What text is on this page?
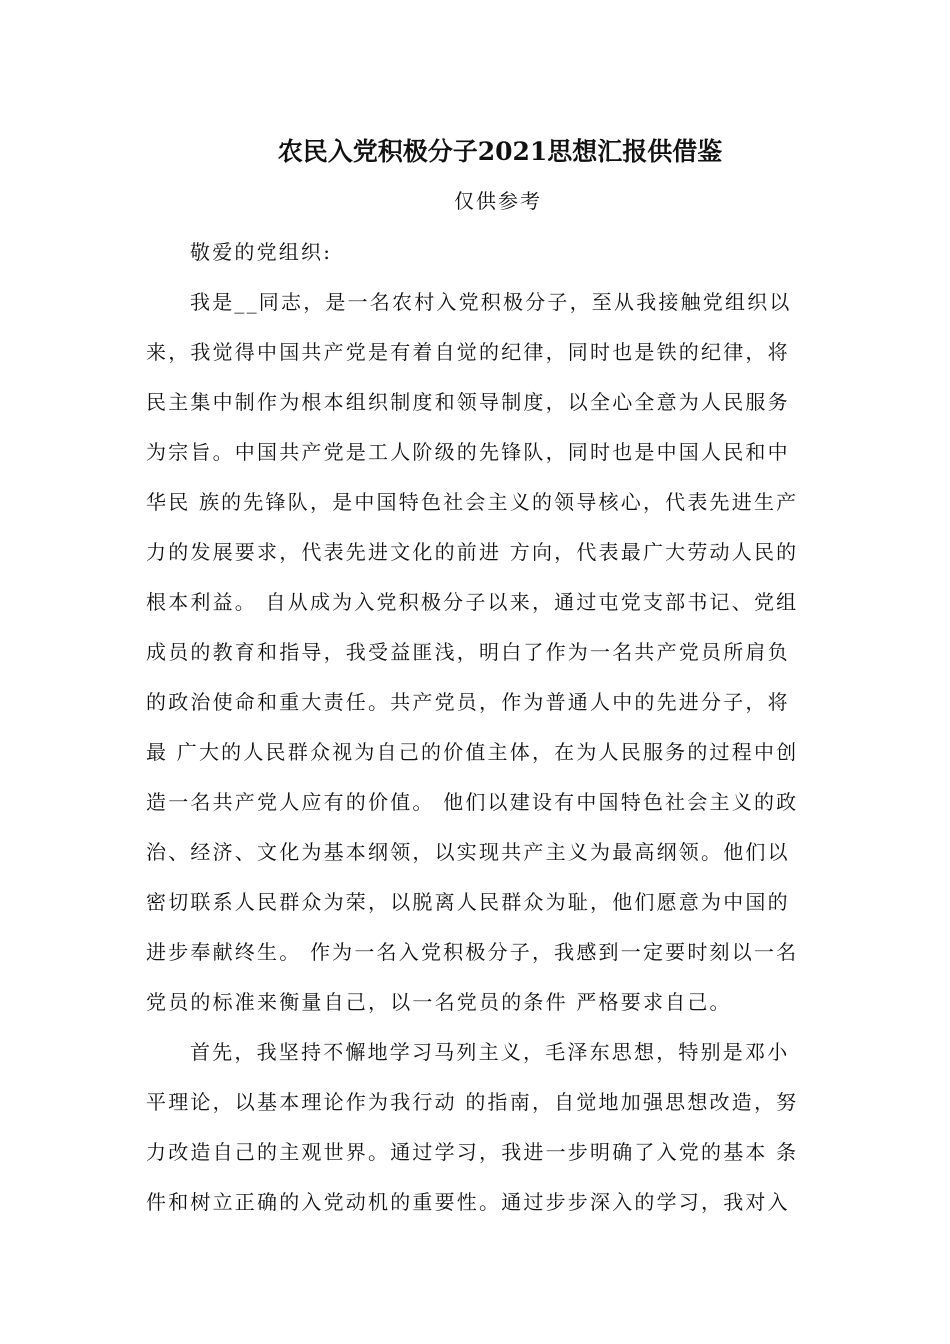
农民入党积极分子2021思想汇报供借鉴
仅供参考
敬爱的党组织:
我是__同志，是一名农村入党积极分子，至从我接触党组织以
来，我觉得中国共产党是有着自觉的纪律，同时也是铁的纪律，将
民主集中制作为根本组织制度和领导制度，以全心全意为人民服务
为宗旨。中国共产党是工人阶级的先锋队，同时也是中国人民和中
华民 族的先锋队，是中国特色社会主义的领导核心，代表先进生产
力的发展要求，代表先进文化的前进 方向，代表最广大劳动人民的
根本利益。 自从成为入党积极分子以来，通过屯党支部书记、党组
成员的教育和指导，我受益匪浅，明白了作为一名共产党员所肩负
的政治使命和重大责任。共产党员，作为普通人中的先进分子，将
最 广大的人民群众视为自己的价值主体，在为人民服务的过程中创
造一名共产党人应有的价值。 他们以建设有中国特色社会主义的政
治、经济、文化为基本纲领，以实现共产主义为最高纲领。他们以
密切联系人民群众为荣，以脱离人民群众为耻，他们愿意为中国的
进步奉献终生。 作为一名入党积极分子，我感到一定要时刻以一名
党员的标准来衡量自己，以一名党员的条件 严格要求自己。
首先，我坚持不懈地学习马列主义，毛泽东思想，特别是邓小
平理论，以基本理论作为我行动 的指南，自觉地加强思想改造，努
力改造自己的主观世界。通过学习，我进一步明确了入党的基本 条
件和树立正确的入党动机的重要性。通过步步深入的学习，我对入
